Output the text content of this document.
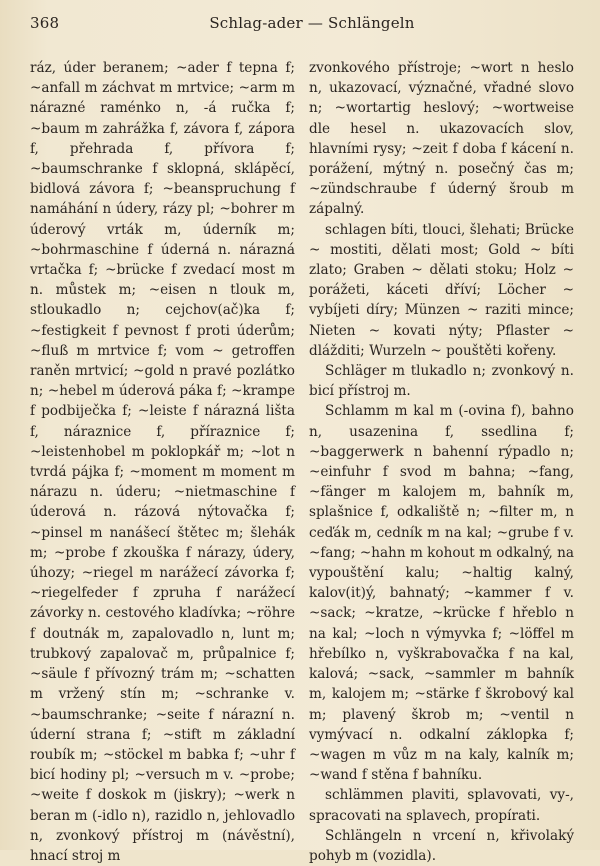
368	Schlag-ader — Schlängeln

ráz, úder beranem; ~ader f tepna f; ~anfall m záchvat m mrtvice; ~arm m nárazné raménko n, -á ručka f; ~baum m zahrážka f, závora f, zápora f, přehrada f, přívora f; ~baumschranke f sklopná, sklápěcí, bidlová závora f; ~beanspruchung f namáhání n údery, rázy pl; ~bohrer m úderový vrták m, úderník m; ~bohrmaschine f úderná n. nárazná vrtačka f; ~brücke f zvedací most m n. můstek m; ~eisen n tlouk m, stloukadlo n; cejchov(ač)ka f; ~festigkeit f pevnost f proti úderům; ~fluß m mrtvice f; vom ~ getroffen raněn mrtvicí; ~gold n pravé pozlátko n; ~hebel m úderová páka f; ~krampe f podbiječka f; ~leiste f nárazná lišta f, náraznice f, příraznice f; ~leistenhobel m poklopkář m; ~lot n tvrdá pájka f; ~moment m moment m nárazu n. úderu; ~nietmaschine f úderová n. rázová nýtovačka f; ~pinsel m nanášecí štětec m; šlehák m; ~probe f zkouška f nárazy, údery, úhozy; ~riegel m narážecí závorka f; ~riegelfeder f zpruha f narážecí závorky n. cestového kladívka; ~röhre f doutnák m, zapalovadlo n, lunt m; trubkový zapalovač m, průpalnice f; ~säule f přívozný trám m; ~schatten m vržený stín m; ~schranke v. ~baumschranke; ~seite f nárazní n. úderní strana f; ~stift m základní roubík m; ~stöckel m babka f; ~uhr f bicí hodiny pl; ~versuch m v. ~probe; ~weite f doskok m (jiskry); ~werk n beran m (-idlo n), razidlo n, jehlovadlo n, zvonkový přístroj m (návěstní), hnací stroj m

zvonkového přístroje; ~wort n heslo n, ukazovací, význačné, vřadné slovo n; ~wortartig heslový; ~wortweise dle hesel n. ukazovacích slov, hlavními rysy; ~zeit f doba f kácení n. porážení, mýtný n. posečný čas m; ~zündschraube f úderný šroub m zápalný.

schlagen bíti, tlouci, šlehati; Brücke ~ mostiti, dělati most; Gold ~ bíti zlato; Graben ~ dělati stoku; Holz ~ porážeti, káceti dříví; Löcher ~ vybíjeti díry; Münzen ~ raziti mince; Nieten ~ kovati nýty; Pflaster ~ dlážditi; Wurzeln ~ pouštěti kořeny.

Schläger m tlukadlo n; zvonkový n. bicí přístroj m.

Schlamm m kal m (-ovina f), bahno n, usazenina f, ssedlina f; ~baggerwerk n bahenní rýpadlo n; ~einfuhr f svod m bahna; ~fang, ~fänger m kalojem m, bahník m, splašnice f, odkaliště n; ~filter m, n ceďák m, cedník m na kal; ~grube f v. ~fang; ~hahn m kohout m odkalný, na vypouštění kalu; ~haltig kalný, kalov(it)ý, bahnatý; ~kammer f v. ~sack; ~kratze, ~krücke f hřeblo n na kal; ~loch n výmyvka f; ~löffel m hřebílko n, vyškrabovačka f na kal, kalová; ~sack, ~sammler m bahník m, kalojem m; ~stärke f škrobový kal m; plavený škrob m; ~ventil n vymývací n. odkalní záklopka f; ~wagen m vůz m na kaly, kalník m; ~wand f stěna f bahníku.

schlämmen plaviti, splavovati, vy-, spracovati na splavech, propírati.

Schlängeln n vrcení n, křivolaký pohyb m (vozidla).
